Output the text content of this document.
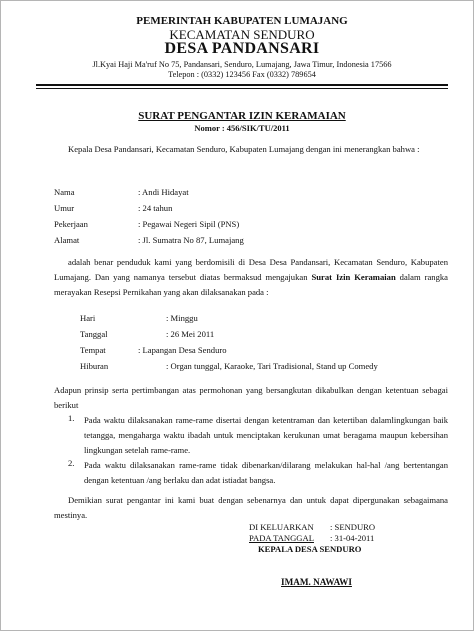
PEMERINTAH KABUPATEN LUMAJANG
KECAMATAN SENDURO
DESA PANDANSARI
Jl.Kyai Haji Ma'ruf No 75, Pandansari, Senduro, Lumajang, Jawa Timur, Indonesia 17566
Telepon : (0332) 123456 Fax (0332) 789654
SURAT PENGANTAR IZIN KERAMAIAN
Nomor : 456/SIK/TU/2011
Kepala Desa Pandansari, Kecamatan Senduro, Kabupaten Lumajang dengan ini menerangkan bahwa :
Nama	: Andi Hidayat
Umur	: 24 tahun
Pekerjaan	: Pegawai Negeri Sipil (PNS)
Alamat	: Jl. Sumatra No 87, Lumajang
adalah benar penduduk kami yang berdomisili di Desa Desa Pandansari, Kecamatan Senduro, Kabupaten Lumajang. Dan yang namanya tersebut diatas bermaksud mengajukan Surat Izin Keramaian dalam rangka merayakan Resepsi Pernikahan yang akan dilaksanakan pada :
Hari	: Minggu
Tanggal	: 26 Mei 2011
Tempat	: Lapangan Desa Senduro
Hiburan	: Organ tunggal, Karaoke, Tari Tradisional, Stand up Comedy
Adapun prinsip serta pertimbangan atas permohonan yang bersangkutan dikabulkan dengan ketentuan sebagai berikut
1. Pada waktu dilaksanakan rame-rame disertai dengan ketentraman dan ketertiban dalamlingkungan baik tetangga, mengaharga waktu ibadah untuk menciptakan kerukunan umat beragama maupun kebersihan lingkungan setelah rame-rame.
2. Pada waktu dilaksanakan rame-rame tidak dibenarkan/dilarang melakukan hal-hal /ang bertentangan dengan ketentuan /ang berlaku dan adat istiadat bangsa.
Demikian surat pengantar ini kami buat dengan sebenarnya dan untuk dapat dipergunakan sebagaimana mestinya.
DI KELUARKAN : SENDURO
PADA TANGGAL : 31-04-2011
KEPALA DESA SENDURO
IMAM. NAWAWI
